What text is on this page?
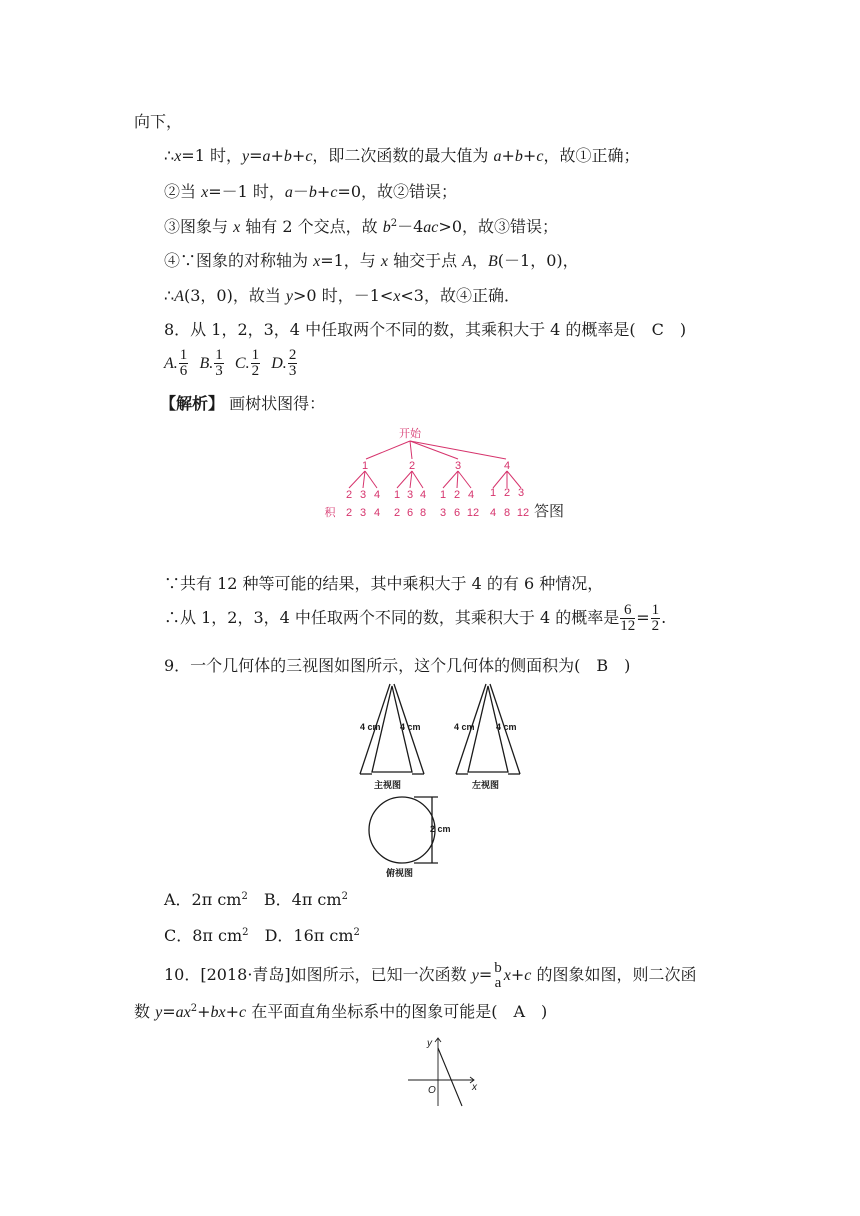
向下，
∴x=1 时，y=a+b+c，即二次函数的最大值为 a+b+c，故①正确；
②当 x=－1 时，a－b+c=0，故②错误；
③图象与 x 轴有 2 个交点，故 $b^2-4ac>0$，故③错误；
④∵图象的对称轴为 x=1，与 x 轴交于点 A，B(－1，0)，
∴A(3，0)，故当 y>0 时，－1<x<3，故④正确．
8．从 1，2，3，4 中任取两个不同的数，其乘积大于 4 的概率是(　C　)
A. $\frac{1}{6} B$. $\frac{1}{3} C$. $\frac{1}{2} D$. $\frac{2}{3}$
【解析】 画树状图得：
开始
1	2	3	4
2 3 4 1 3 4 1 2 4 1 2 3
积 2 3 4 2 6 8 3 6 12 4 8 12 答图
∵共有 12 种等可能的结果，其中乘积大于 4 的有 6 种情况，
∴从 1，2，3，4 中任取两个不同的数，其乘积大于 4 的概率是 $\frac{6}{12} = \frac{1}{2}$ .
9．一个几何体的三视图如图所示，这个几何体的侧面积为(　B　)
4 cm 4 cm	4 cm 4 cm
主视图	左视图
2 cm
俯视图
A．2π $cm^2$　 B．4π $cm^2$
C．8π $cm^2$　 D．16π $cm^2$
10．[2018·青岛]如图所示，已知一次函数 y= b
a x+c 的图象如图，则二次函
数 $y=ax^2+bx+c$ 在平面直角坐标系中的图象可能是(　A　)
y
x
O
